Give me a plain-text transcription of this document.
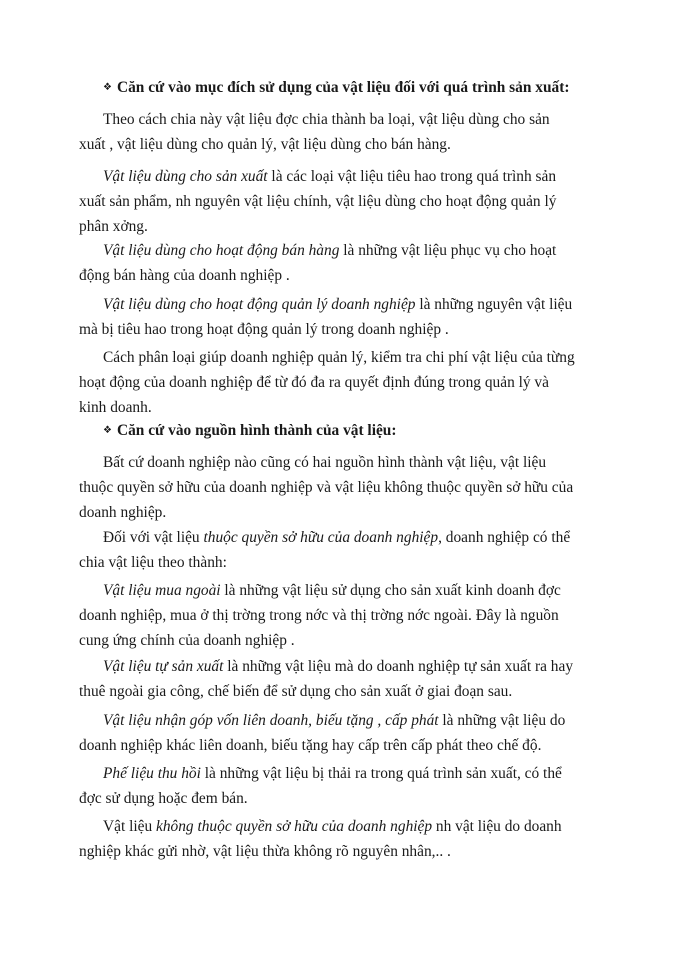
❖ Căn cứ vào mục đích sử dụng của vật liệu đối với quá trình sản xuất:
Theo cách chia này vật liệu đợc chia thành ba loại, vật liệu dùng cho sản
xuất , vật liệu dùng cho quản lý, vật liệu dùng cho bán hàng.
Vật liệu dùng cho sản xuất là các loại vật liệu tiêu hao trong quá trình sản
xuất sản phẩm, nh nguyên vật liệu chính, vật liệu dùng cho hoạt động quản lý
phân xởng.
Vật liệu dùng cho hoạt động bán hàng là những vật liệu phục vụ cho hoạt
động bán hàng của doanh nghiệp .
Vật liệu dùng cho hoạt động quản lý doanh nghiệp là những nguyên vật liệu
mà bị tiêu hao trong hoạt động quản lý trong doanh nghiệp .
Cách phân loại giúp doanh nghiệp quản lý, kiểm tra chi phí vật liệu của từng
hoạt động của doanh nghiệp để từ đó đa ra quyết định đúng trong quản lý và
kinh doanh.
❖ Căn cứ vào nguồn hình thành của vật liệu:
Bất cứ doanh nghiệp nào cũng có hai nguồn hình thành vật liệu, vật liệu
thuộc quyền sở hữu của doanh nghiệp và vật liệu không thuộc quyền sở hữu của
doanh nghiệp.
Đối với vật liệu thuộc quyền sở hữu của doanh nghiệp, doanh nghiệp có thể
chia vật liệu theo thành:
Vật liệu mua ngoài là những vật liệu sử dụng cho sản xuất kinh doanh đợc
doanh nghiệp, mua ở thị trờng trong nớc và thị trờng nớc ngoài. Đây là nguồn
cung ứng chính của doanh nghiệp .
Vật liệu tự sản xuất là những vật liệu mà do doanh nghiệp tự sản xuất ra hay
thuê ngoài gia công, chế biến để sử dụng cho sản xuất ở giai đoạn sau.
Vật liệu nhận góp vốn liên doanh, biếu tặng , cấp phát là những vật liệu do
doanh nghiệp khác liên doanh, biếu tặng hay cấp trên cấp phát theo chế độ.
Phế liệu thu hồi là những vật liệu bị thải ra trong quá trình sản xuất, có thể
đợc sử dụng hoặc đem bán.
Vật liệu không thuộc quyền sở hữu của doanh nghiệp nh vật liệu do doanh
nghiệp khác gửi nhờ, vật liệu thừa không rõ nguyên nhân,.. .
